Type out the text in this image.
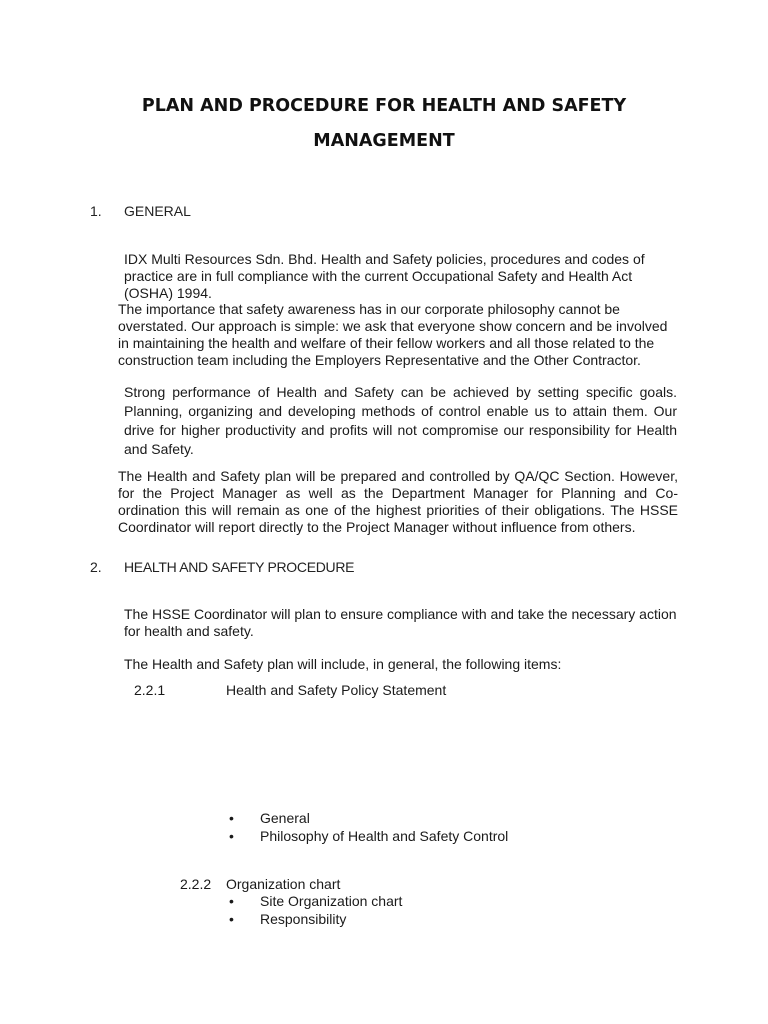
PLAN AND PROCEDURE FOR HEALTH AND SAFETY
MANAGEMENT
1. GENERAL
IDX Multi Resources Sdn. Bhd. Health and Safety policies, procedures and codes of practice are in full compliance with the current Occupational Safety and Health Act (OSHA) 1994.
The importance that safety awareness has in our corporate philosophy cannot be overstated. Our approach is simple: we ask that everyone show concern and be involved in maintaining the health and welfare of their fellow workers and all those related to the construction team including the Employers Representative and the Other Contractor.
Strong performance of Health and Safety can be achieved by setting specific goals. Planning, organizing and developing methods of control enable us to attain them. Our drive for higher productivity and profits will not compromise our responsibility for Health and Safety.
The Health and Safety plan will be prepared and controlled by QA/QC Section. However, for the Project Manager as well as the Department Manager for Planning and Co-ordination this will remain as one of the highest priorities of their obligations. The HSSE Coordinator will report directly to the Project Manager without influence from others.
2. HEALTH AND SAFETY PROCEDURE
The HSSE Coordinator will plan to ensure compliance with and take the necessary action for health and safety.
The Health and Safety plan will include, in general, the following items:
2.2.1	Health and Safety Policy Statement
• General
• Philosophy of Health and Safety Control
2.2.2 Organization chart
• Site Organization chart
• Responsibility
